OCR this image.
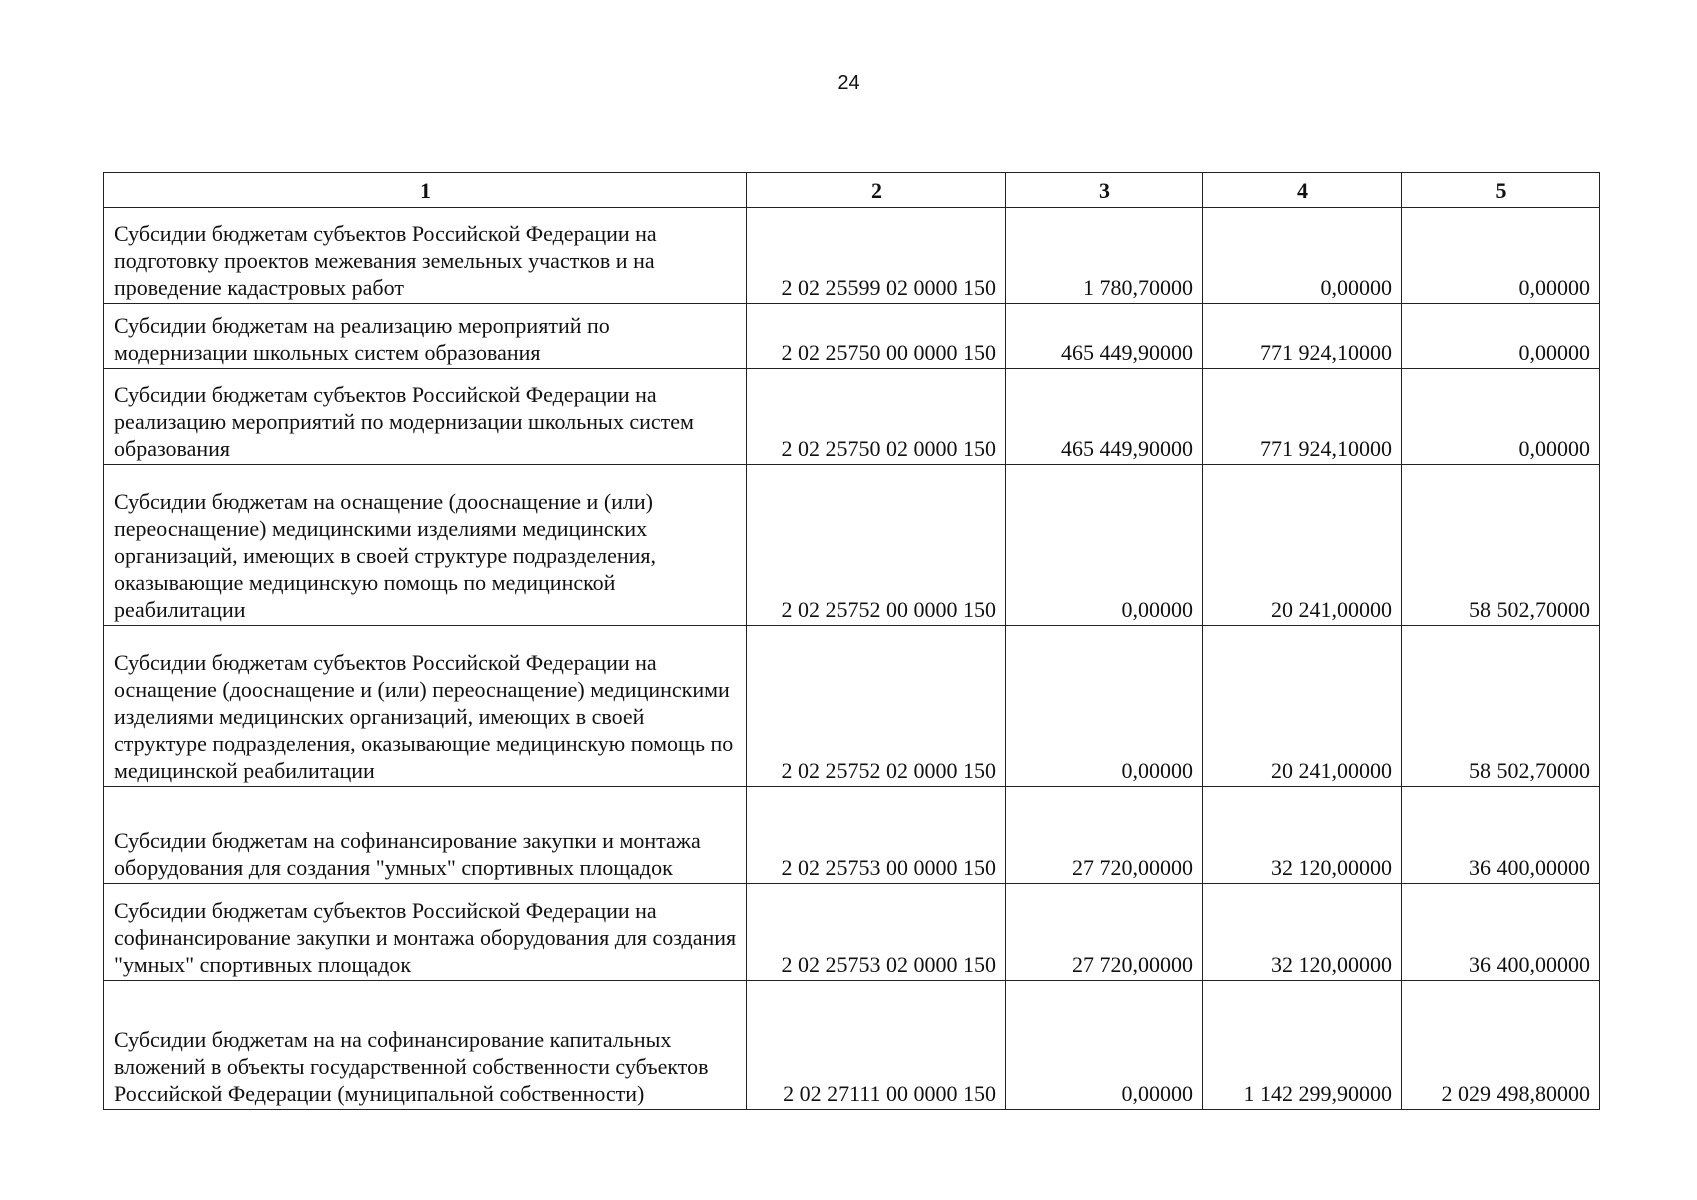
24
1	2	3	4	5
Субсидии бюджетам субъектов Российской Федерации на подготовку проектов межевания земельных участков и на проведение кадастровых работ	2 02 25599 02 0000 150	1 780,70000	0,00000	0,00000
Субсидии бюджетам на реализацию мероприятий по модернизации школьных систем образования	2 02 25750 00 0000 150	465 449,90000	771 924,10000	0,00000
Субсидии бюджетам субъектов Российской Федерации на реализацию мероприятий по модернизации школьных систем образования	2 02 25750 02 0000 150	465 449,90000	771 924,10000	0,00000
Субсидии бюджетам на оснащение (дооснащение и (или) переоснащение) медицинскими изделиями медицинских организаций, имеющих в своей структуре подразделения, оказывающие медицинскую помощь по медицинской реабилитации	2 02 25752 00 0000 150	0,00000	20 241,00000	58 502,70000
Субсидии бюджетам субъектов Российской Федерации на оснащение (дооснащение и (или) переоснащение) медицинскими изделиями медицинских организаций, имеющих в своей структуре подразделения, оказывающие медицинскую помощь по медицинской реабилитации	2 02 25752 02 0000 150	0,00000	20 241,00000	58 502,70000
Субсидии бюджетам на софинансирование закупки и монтажа оборудования для создания "умных" спортивных площадок	2 02 25753 00 0000 150	27 720,00000	32 120,00000	36 400,00000
Субсидии бюджетам субъектов Российской Федерации на софинансирование закупки и монтажа оборудования для создания "умных" спортивных площадок	2 02 25753 02 0000 150	27 720,00000	32 120,00000	36 400,00000
Субсидии бюджетам на на софинансирование капитальных вложений в объекты государственной собственности субъектов Российской Федерации (муниципальной собственности)	2 02 27111 00 0000 150	0,00000	1 142 299,90000	2 029 498,80000
